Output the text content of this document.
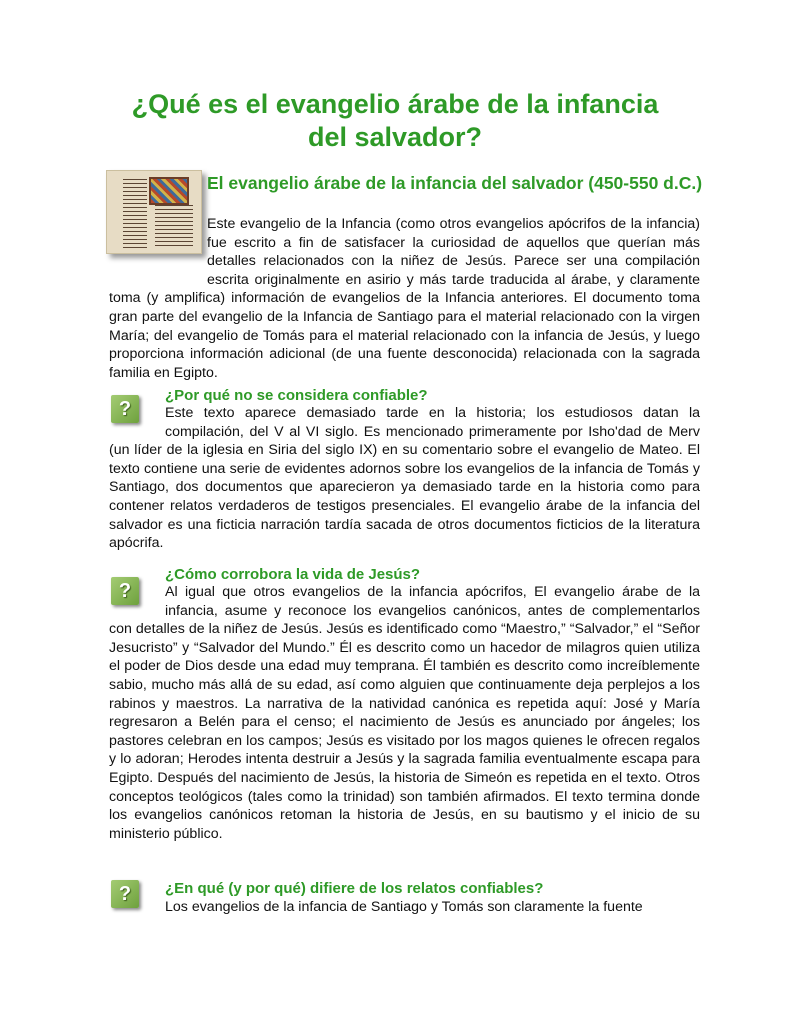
¿Qué es el evangelio árabe de la infancia del salvador?
El evangelio árabe de la infancia del salvador (450-550 d.C.)

Este evangelio de la Infancia (como otros evangelios apócrifos de la infancia) fue escrito a fin de satisfacer la curiosidad de aquellos que querían más detalles relacionados con la niñez de Jesús. Parece ser una compilación escrita originalmente en asirio y más tarde traducida al árabe, y claramente toma (y amplifica) información de evangelios de la Infancia anteriores. El documento toma gran parte del evangelio de la Infancia de Santiago para el material relacionado con la virgen María; del evangelio de Tomás para el material relacionado con la infancia de Jesús, y luego proporciona información adicional (de una fuente desconocida) relacionada con la sagrada familia en Egipto.

?
¿Por qué no se considera confiable?

Este texto aparece demasiado tarde en la historia; los estudiosos datan la compilación, del V al VI siglo. Es mencionado primeramente por Isho'dad de Merv (un líder de la iglesia en Siria del siglo IX) en su comentario sobre el evangelio de Mateo. El texto contiene una serie de evidentes adornos sobre los evangelios de la infancia de Tomás y Santiago, dos documentos que aparecieron ya demasiado tarde en la historia como para contener relatos verdaderos de testigos presenciales. El evangelio árabe de la infancia del salvador es una ficticia narración tardía sacada de otros documentos ficticios de la literatura apócrifa.

?
¿Cómo corrobora la vida de Jesús?

Al igual que otros evangelios de la infancia apócrifos, El evangelio árabe de la infancia, asume y reconoce los evangelios canónicos, antes de complementarlos con detalles de la niñez de Jesús. Jesús es identificado como “Maestro,” “Salvador,” el “Señor Jesucristo” y “Salvador del Mundo.” Él es descrito como un hacedor de milagros quien utiliza el poder de Dios desde una edad muy temprana. Él también es descrito como increíblemente sabio, mucho más allá de su edad, así como alguien que continuamente deja perplejos a los rabinos y maestros. La narrativa de la natividad canónica es repetida aquí: José y María regresaron a Belén para el censo; el nacimiento de Jesús es anunciado por ángeles; los pastores celebran en los campos; Jesús es visitado por los magos quienes le ofrecen regalos y lo adoran; Herodes intenta destruir a Jesús y la sagrada familia eventualmente escapa para Egipto. Después del nacimiento de Jesús, la historia de Simeón es repetida en el texto. Otros conceptos teológicos (tales como la trinidad) son también afirmados. El texto termina donde los evangelios canónicos retoman la historia de Jesús, en su bautismo y el inicio de su ministerio público.

?	¿En qué (y por qué) difiere de los relatos confiables?

Los evangelios de la infancia de Santiago y Tomás son claramente la fuente
